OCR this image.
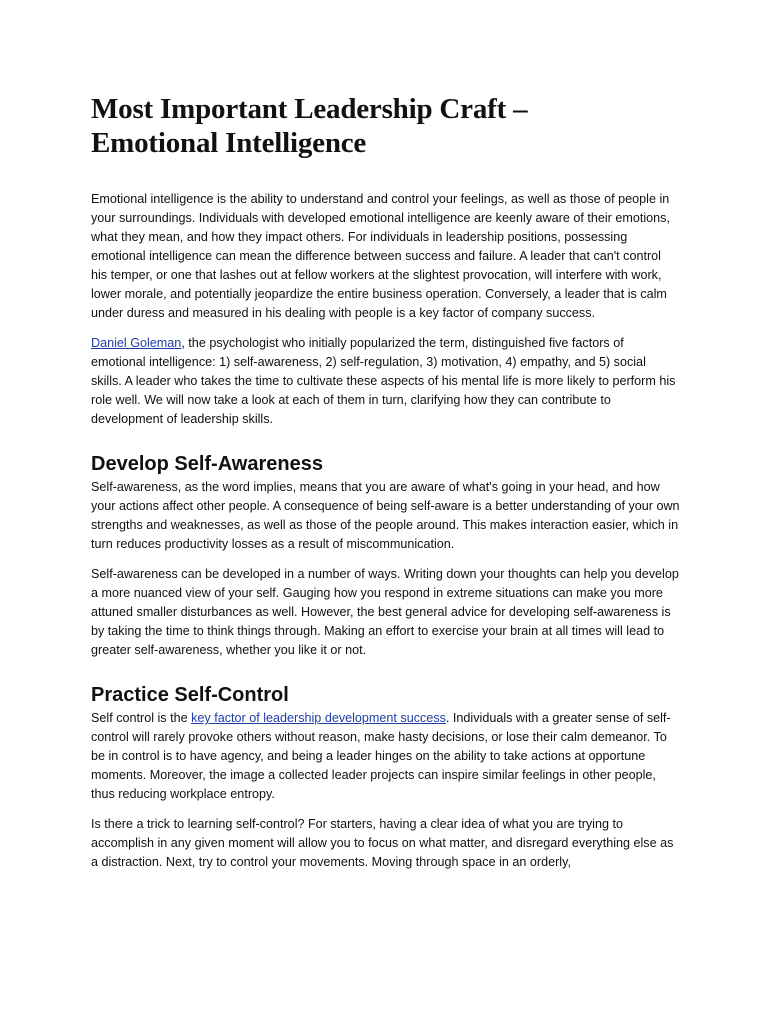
Most Important Leadership Craft –
Emotional Intelligence

Emotional intelligence is the ability to understand and control your feelings, as well as those of people in your surroundings. Individuals with developed emotional intelligence are keenly aware of their emotions, what they mean, and how they impact others. For individuals in leadership positions, possessing emotional intelligence can mean the difference between success and failure. A leader that can't control his temper, or one that lashes out at fellow workers at the slightest provocation, will interfere with work, lower morale, and potentially jeopardize the entire business operation. Conversely, a leader that is calm under duress and measured in his dealing with people is a key factor of company success.

Daniel Goleman, the psychologist who initially popularized the term, distinguished five factors of emotional intelligence: 1) self-awareness, 2) self-regulation, 3) motivation, 4) empathy, and 5) social skills. A leader who takes the time to cultivate these aspects of his mental life is more likely to perform his role well. We will now take a look at each of them in turn, clarifying how they can contribute to development of leadership skills.

Develop Self-Awareness

Self-awareness, as the word implies, means that you are aware of what's going in your head, and how your actions affect other people. A consequence of being self-aware is a better understanding of your own strengths and weaknesses, as well as those of the people around. This makes interaction easier, which in turn reduces productivity losses as a result of miscommunication.

Self-awareness can be developed in a number of ways. Writing down your thoughts can help you develop a more nuanced view of your self. Gauging how you respond in extreme situations can make you more attuned smaller disturbances as well. However, the best general advice for developing self-awareness is by taking the time to think things through. Making an effort to exercise your brain at all times will lead to greater self-awareness, whether you like it or not.

Practice Self-Control

Self control is the key factor of leadership development success. Individuals with a greater sense of self-control will rarely provoke others without reason, make hasty decisions, or lose their calm demeanor. To be in control is to have agency, and being a leader hinges on the ability to take actions at opportune moments. Moreover, the image a collected leader projects can inspire similar feelings in other people, thus reducing workplace entropy.

Is there a trick to learning self-control? For starters, having a clear idea of what you are trying to accomplish in any given moment will allow you to focus on what matter, and disregard everything else as a distraction. Next, try to control your movements. Moving through space in an orderly,
